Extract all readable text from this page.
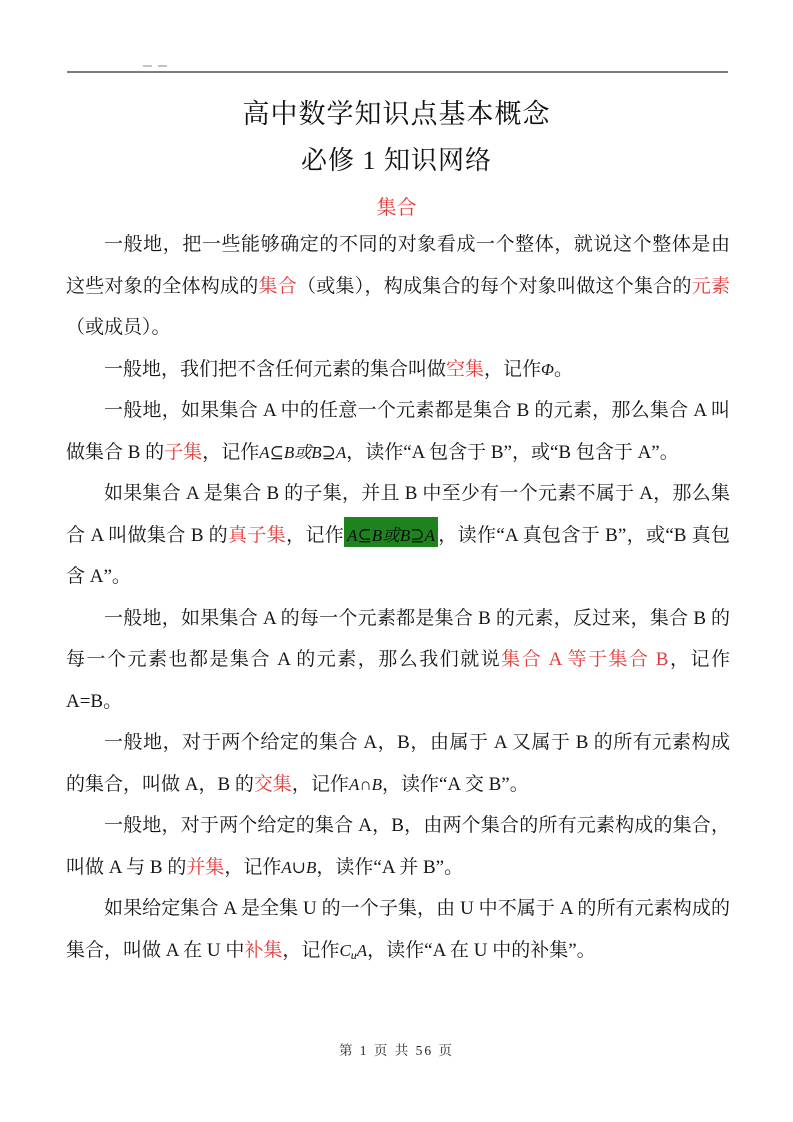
高中数学知识点基本概念
必修 1 知识网络
集合

一般地，把一些能够确定的不同的对象看成一个整体，就说这个整体是由这些对象的全体构成的集合（或集），构成集合的每个对象叫做这个集合的元素（或成员）。

一般地，我们把不含任何元素的集合叫做空集，记作Φ。

一般地，如果集合 A 中的任意一个元素都是集合 B 的元素，那么集合 A 叫做集合 B 的子集，记作A⊆B或B⊇A，读作“A 包含于 B”，或“B 包含于 A”。

如果集合 A 是集合 B 的子集，并且 B 中至少有一个元素不属于 A，那么集合 A 叫做集合 B 的真子集，记作 A⊆B或B⊇A ，读作“A 真包含于 B”，或“B 真包含 A”。

一般地，如果集合 A 的每一个元素都是集合 B 的元素，反过来，集合 B 的每一个元素也都是集合 A 的元素，那么我们就说集合 A 等于集合 B，记作 A=B。

一般地，对于两个给定的集合 A，B，由属于 A 又属于 B 的所有元素构成的集合，叫做 A，B 的交集，记作A∩B，读作“A 交 B”。

一般地，对于两个给定的集合 A，B，由两个集合的所有元素构成的集合，叫做 A 与 B 的并集，记作A∪B，读作“A 并 B”。

如果给定集合 A 是全集 U 的一个子集，由 U 中不属于 A 的所有元素构成的集合，叫做 A 在 U 中补集，记作CuA，读作“A 在 U 中的补集”。

第 1 页 共 56 页
